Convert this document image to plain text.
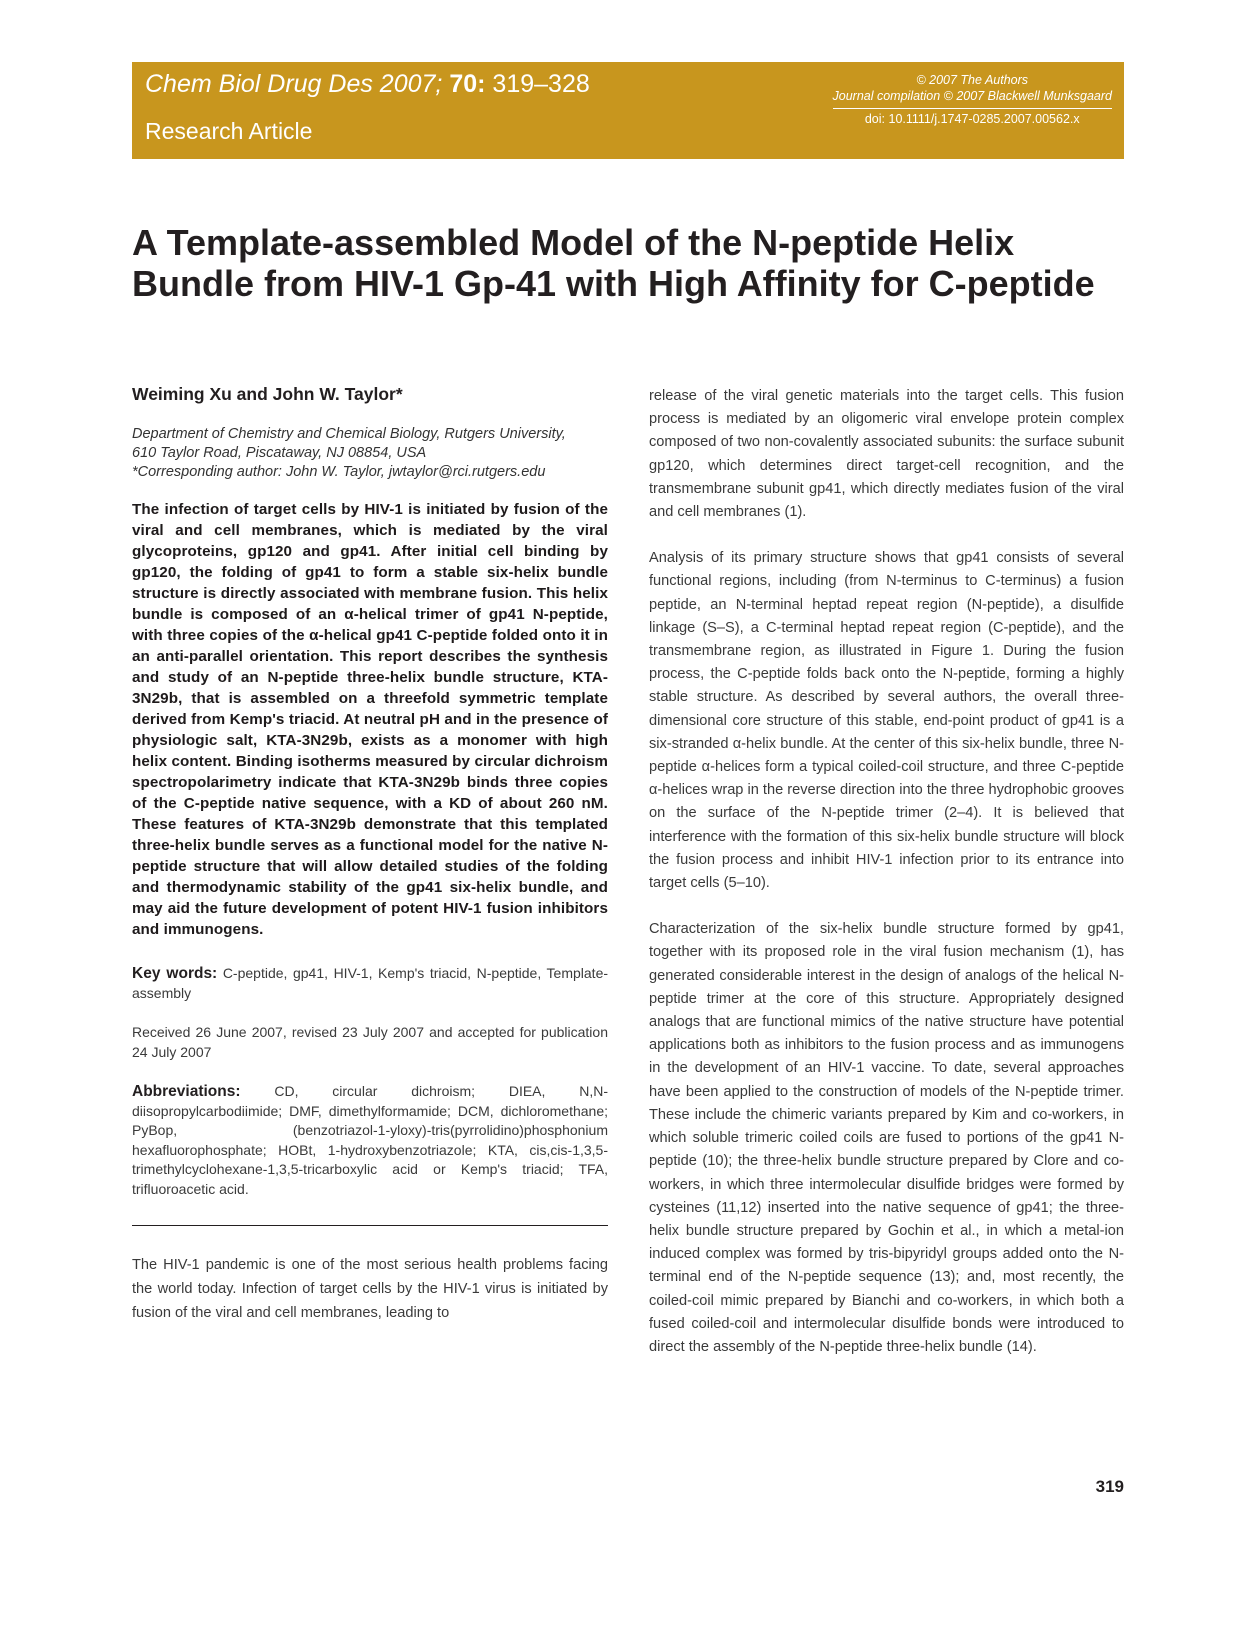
Chem Biol Drug Des 2007; 70: 319–328
Research Article
© 2007 The Authors
Journal compilation © 2007 Blackwell Munksgaard
doi: 10.1111/j.1747-0285.2007.00562.x
A Template-assembled Model of the N-peptide Helix Bundle from HIV-1 Gp-41 with High Affinity for C-peptide

Weiming Xu and John W. Taylor*

Department of Chemistry and Chemical Biology, Rutgers University,
610 Taylor Road, Piscataway, NJ 08854, USA
*Corresponding author: John W. Taylor, jwtaylor@rci.rutgers.edu
The infection of target cells by HIV-1 is initiated by fusion of the viral and cell membranes, which is mediated by the viral glycoproteins, gp120 and gp41. After initial cell binding by gp120, the folding of gp41 to form a stable six-helix bundle structure is directly associated with membrane fusion. This helix bundle is composed of an α-helical trimer of gp41 N-peptide, with three copies of the α-helical gp41 C-peptide folded onto it in an anti-parallel orientation. This report describes the synthesis and study of an N-peptide three-helix bundle structure, KTA-3N29b, that is assembled on a threefold symmetric template derived from Kemp's triacid. At neutral pH and in the presence of physiologic salt, KTA-3N29b, exists as a monomer with high helix content. Binding isotherms measured by circular dichroism spectropolarimetry indicate that KTA-3N29b binds three copies of the C-peptide native sequence, with a KD of about 260 nM. These features of KTA-3N29b demonstrate that this templated three-helix bundle serves as a functional model for the native N-peptide structure that will allow detailed studies of the folding and thermodynamic stability of the gp41 six-helix bundle, and may aid the future development of potent HIV-1 fusion inhibitors and immunogens.
Key words: C-peptide, gp41, HIV-1, Kemp's triacid, N-peptide, Template-assembly
Received 26 June 2007, revised 23 July 2007 and accepted for publication 24 July 2007
Abbreviations: CD, circular dichroism; DIEA, N,N-diisopropylcarbodiimide; DMF, dimethylformamide; DCM, dichloromethane; PyBop, (benzotriazol-1-yloxy)-tris(pyrrolidino)phosphonium hexafluorophosphate; HOBt, 1-hydroxybenzotriazole; KTA, cis,cis-1,3,5-trimethylcyclohexane-1,3,5-tricarboxylic acid or Kemp's triacid; TFA, trifluoroacetic acid.

The HIV-1 pandemic is one of the most serious health problems facing the world today. Infection of target cells by the HIV-1 virus is initiated by fusion of the viral and cell membranes, leading to

release of the viral genetic materials into the target cells. This fusion process is mediated by an oligomeric viral envelope protein complex composed of two non-covalently associated subunits: the surface subunit gp120, which determines direct target-cell recognition, and the transmembrane subunit gp41, which directly mediates fusion of the viral and cell membranes (1).

Analysis of its primary structure shows that gp41 consists of several functional regions, including (from N-terminus to C-terminus) a fusion peptide, an N-terminal heptad repeat region (N-peptide), a disulfide linkage (S–S), a C-terminal heptad repeat region (C-peptide), and the transmembrane region, as illustrated in Figure 1. During the fusion process, the C-peptide folds back onto the N-peptide, forming a highly stable structure. As described by several authors, the overall three-dimensional core structure of this stable, end-point product of gp41 is a six-stranded α-helix bundle. At the center of this six-helix bundle, three N-peptide α-helices form a typical coiled-coil structure, and three C-peptide α-helices wrap in the reverse direction into the three hydrophobic grooves on the surface of the N-peptide trimer (2–4). It is believed that interference with the formation of this six-helix bundle structure will block the fusion process and inhibit HIV-1 infection prior to its entrance into target cells (5–10).

Characterization of the six-helix bundle structure formed by gp41, together with its proposed role in the viral fusion mechanism (1), has generated considerable interest in the design of analogs of the helical N-peptide trimer at the core of this structure. Appropriately designed analogs that are functional mimics of the native structure have potential applications both as inhibitors to the fusion process and as immunogens in the development of an HIV-1 vaccine. To date, several approaches have been applied to the construction of models of the N-peptide trimer. These include the chimeric variants prepared by Kim and co-workers, in which soluble trimeric coiled coils are fused to portions of the gp41 N-peptide (10); the three-helix bundle structure prepared by Clore and co-workers, in which three intermolecular disulfide bridges were formed by cysteines (11,12) inserted into the native sequence of gp41; the three-helix bundle structure prepared by Gochin et al., in which a metal-ion induced complex was formed by tris-bipyridyl groups added onto the N-terminal end of the N-peptide sequence (13); and, most recently, the coiled-coil mimic prepared by Bianchi and co-workers, in which both a fused coiled-coil and intermolecular disulfide bonds were introduced to direct the assembly of the N-peptide three-helix bundle (14).

319
